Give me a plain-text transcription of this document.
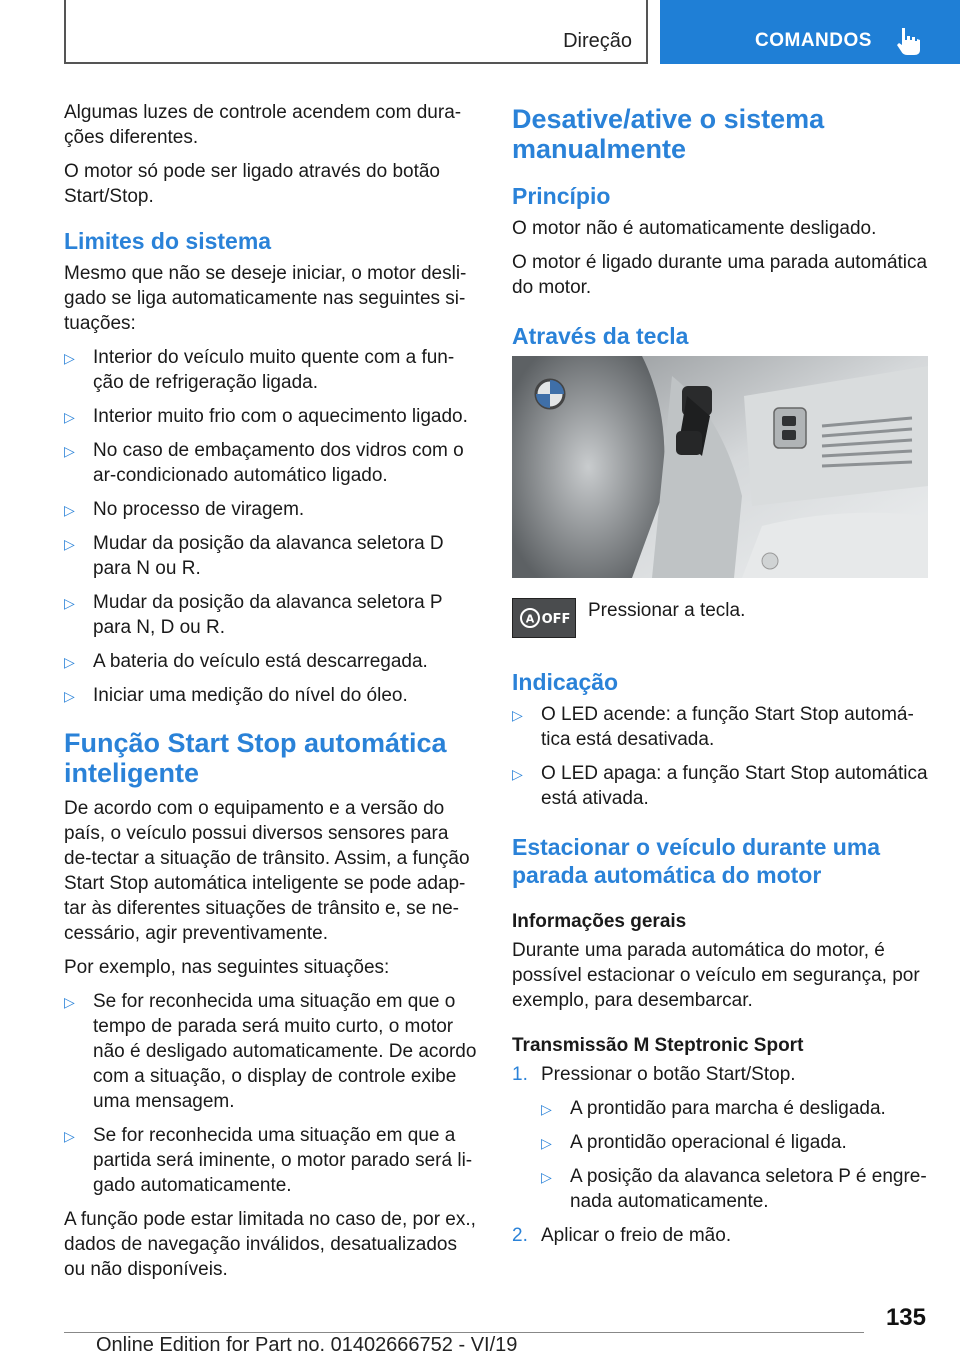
Direção	COMANDOS

Algumas luzes de controle acendem com dura-ções diferentes.

O motor só pode ser ligado através do botão Start/Stop.

Limites do sistema

Mesmo que não se deseje iniciar, o motor desli-gado se liga automaticamente nas seguintes si-tuações:

▷ Interior do veículo muito quente com a fun-ção de refrigeração ligada.
▷ Interior muito frio com o aquecimento ligado.
▷ No caso de embaçamento dos vidros com o ar-condicionado automático ligado.
▷ No processo de viragem.
▷ Mudar da posição da alavanca seletora D para N ou R.
▷ Mudar da posição da alavanca seletora P para N, D ou R.
▷ A bateria do veículo está descarregada.
▷ Iniciar uma medição do nível do óleo.
Função Start Stop automática inteligente

De acordo com o equipamento e a versão do país, o veículo possui diversos sensores para de-tectar a situação de trânsito. Assim, a função Start Stop automática inteligente se pode adap-tar às diferentes situações de trânsito e, se ne-cessário, agir preventivamente.

Por exemplo, nas seguintes situações:

▷ Se for reconhecida uma situação em que o tempo de parada será muito curto, o motor não é desligado automaticamente. De acordo com a situação, o display de controle exibe uma mensagem.
▷ Se for reconhecida uma situação em que a partida será iminente, o motor parado será li-gado automaticamente.

A função pode estar limitada no caso de, por ex., dados de navegação inválidos, desatualizados ou não disponíveis.

Desative/ative o sistema manualmente
Princípio

O motor não é automaticamente desligado.

O motor é ligado durante uma parada automática do motor.

Através da tecla
A OFF Pressionar a tecla.
Indicação
▷ O LED acende: a função Start Stop automá-tica está desativada.
▷ O LED apaga: a função Start Stop automática está ativada.
Estacionar o veículo durante uma parada automática do motor
Informações gerais

Durante uma parada automática do motor, é possível estacionar o veículo em segurança, por exemplo, para desembarcar.

Transmissão M Steptronic Sport
1. Pressionar o botão Start/Stop.
▷ A prontidão para marcha é desligada.
▷ A prontidão operacional é ligada.
▷ A posição da alavanca seletora P é engre-nada automaticamente.
2. Aplicar o freio de mão.
135
Online Edition for Part no. 01402666752 - VI/19
